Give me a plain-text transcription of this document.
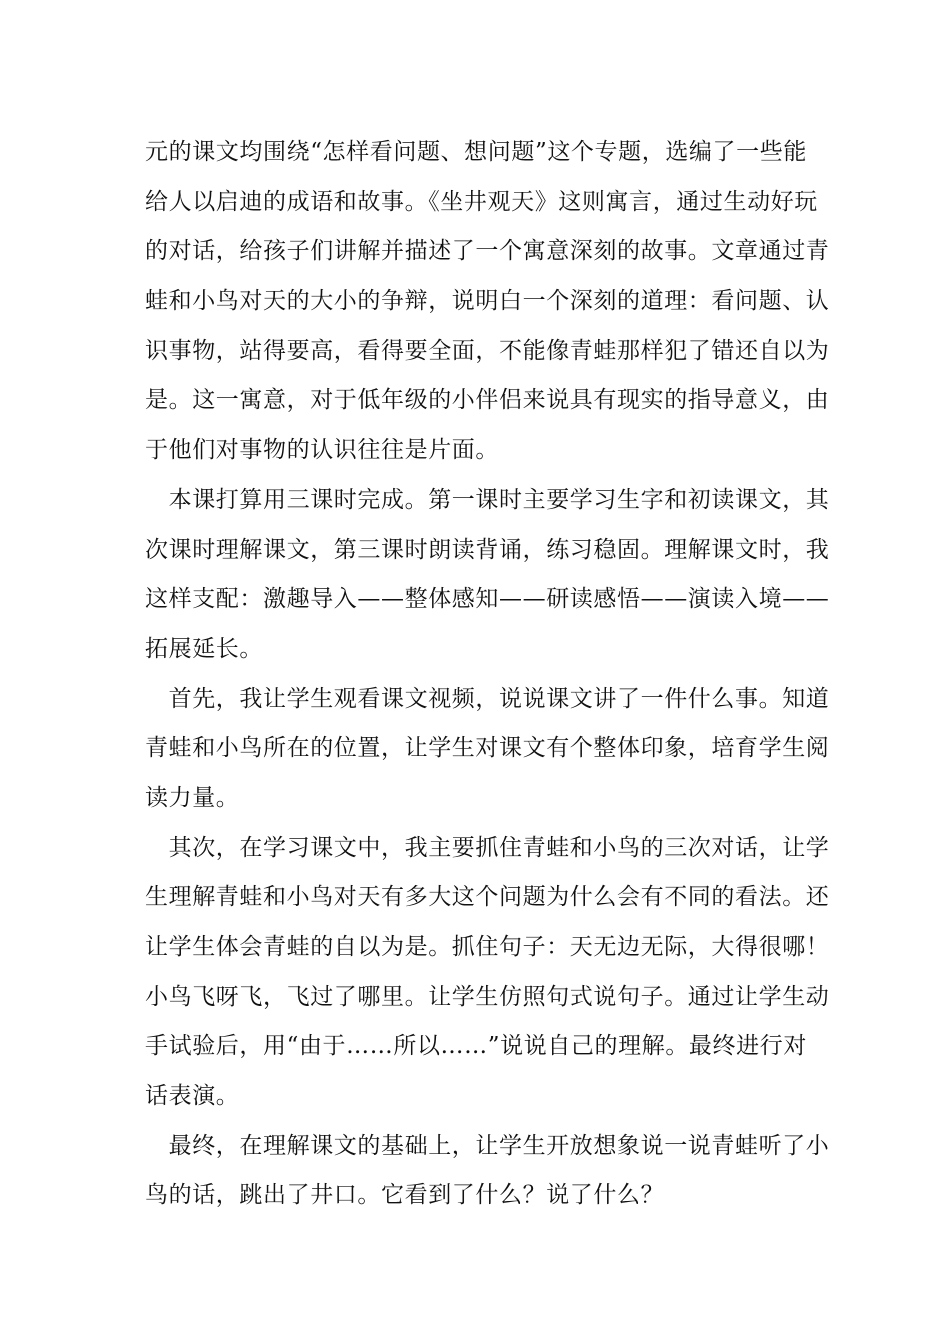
元的课文均围绕“怎样看问题、想问题”这个专题，选编了一些能
给人以启迪的成语和故事。《坐井观天》这则寓言，通过生动好玩
的对话，给孩子们讲解并描述了一个寓意深刻的故事。文章通过青
蛙和小鸟对天的大小的争辩，说明白一个深刻的道理：看问题、认
识事物，站得要高，看得要全面，不能像青蛙那样犯了错还自以为
是。这一寓意，对于低年级的小伴侣来说具有现实的指导意义，由
于他们对事物的认识往往是片面。
　本课打算用三课时完成。第一课时主要学习生字和初读课文，其
次课时理解课文，第三课时朗读背诵，练习稳固。理解课文时，我
这样支配：激趣导入——整体感知——研读感悟——演读入境——
拓展延长。
　首先，我让学生观看课文视频，说说课文讲了一件什么事。知道
青蛙和小鸟所在的位置，让学生对课文有个整体印象，培育学生阅
读力量。
　其次，在学习课文中，我主要抓住青蛙和小鸟的三次对话，让学
生理解青蛙和小鸟对天有多大这个问题为什么会有不同的看法。还
让学生体会青蛙的自以为是。抓住句子：天无边无际，大得很哪！
小鸟飞呀飞，飞过了哪里。让学生仿照句式说句子。通过让学生动
手试验后，用“由于……所以……”说说自己的理解。最终进行对
话表演。
　最终，在理解课文的基础上，让学生开放想象说一说青蛙听了小
鸟的话，跳出了井口。它看到了什么？说了什么？
